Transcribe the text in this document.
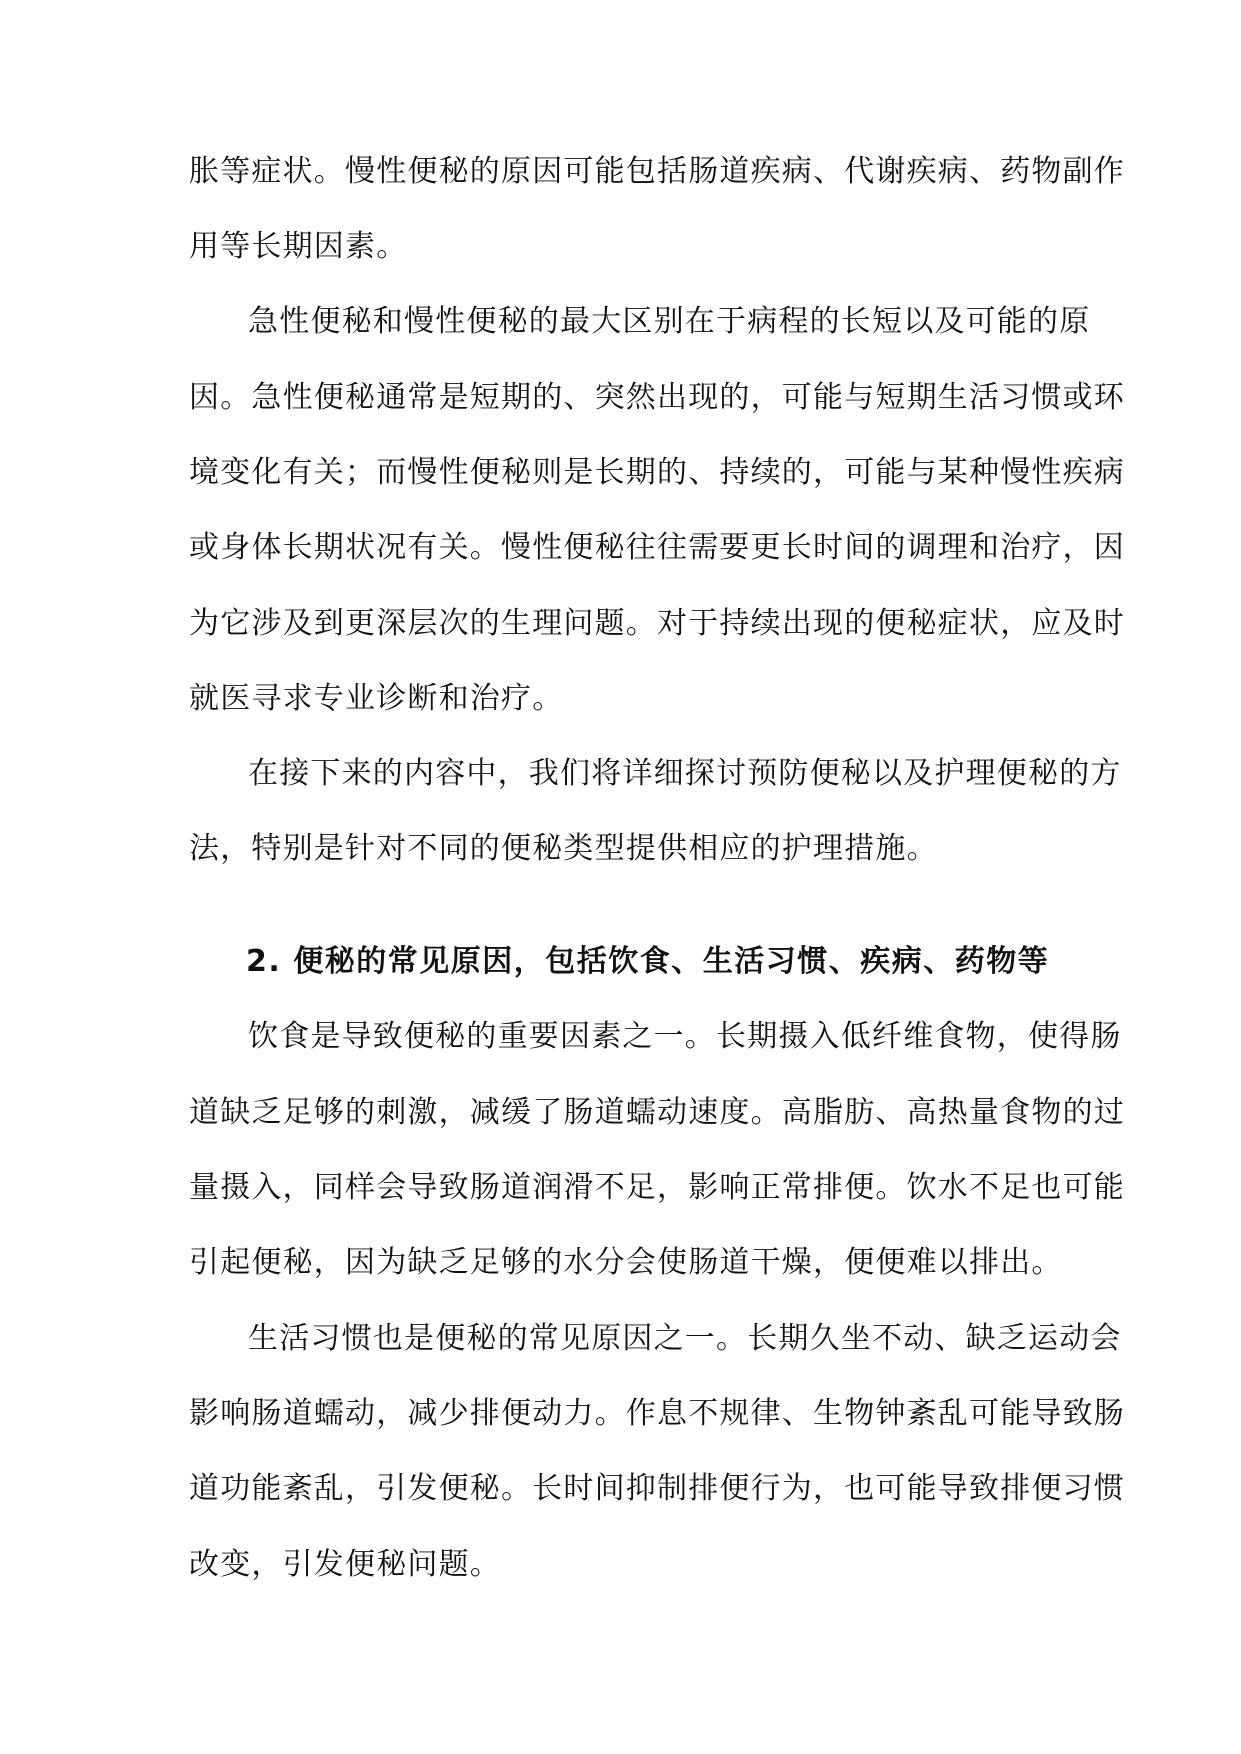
胀等症状。慢性便秘的原因可能包括肠道疾病、代谢疾病、药物副作
用等长期因素。
急性便秘和慢性便秘的最大区别在于病程的长短以及可能的原
因。急性便秘通常是短期的、突然出现的，可能与短期生活习惯或环
境变化有关；而慢性便秘则是长期的、持续的，可能与某种慢性疾病
或身体长期状况有关。慢性便秘往往需要更长时间的调理和治疗，因
为它涉及到更深层次的生理问题。对于持续出现的便秘症状，应及时
就医寻求专业诊断和治疗。
在接下来的内容中，我们将详细探讨预防便秘以及护理便秘的方
法，特别是针对不同的便秘类型提供相应的护理措施。
2. 便秘的常见原因，包括饮食、生活习惯、疾病、药物等
饮食是导致便秘的重要因素之一。长期摄入低纤维食物，使得肠
道缺乏足够的刺激，减缓了肠道蠕动速度。高脂肪、高热量食物的过
量摄入，同样会导致肠道润滑不足，影响正常排便。饮水不足也可能
引起便秘，因为缺乏足够的水分会使肠道干燥，便便难以排出。
生活习惯也是便秘的常见原因之一。长期久坐不动、缺乏运动会
影响肠道蠕动，减少排便动力。作息不规律、生物钟紊乱可能导致肠
道功能紊乱，引发便秘。长时间抑制排便行为，也可能导致排便习惯
改变，引发便秘问题。
